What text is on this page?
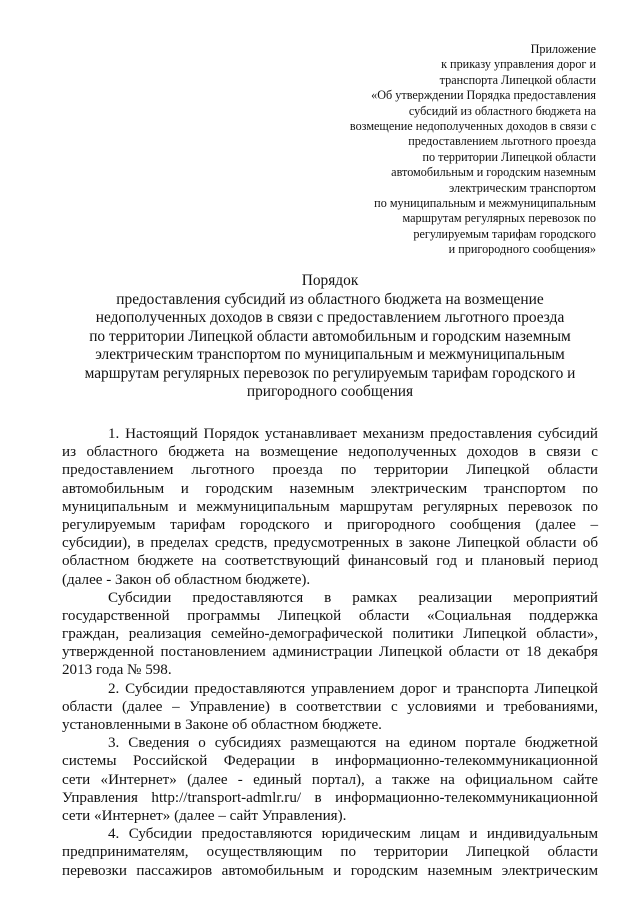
Приложение
к приказу управления дорог и
транспорта Липецкой области
«Об утверждении Порядка предоставления
субсидий из областного бюджета на
возмещение недополученных доходов в связи с
предоставлением льготного проезда
по территории Липецкой области
автомобильным и городским наземным
электрическим транспортом
по муниципальным и межмуниципальным
маршрутам регулярных перевозок по
регулируемым тарифам городского
и пригородного сообщения»
Порядок
предоставления субсидий из областного бюджета на возмещение
недополученных доходов в связи с предоставлением льготного проезда
по территории Липецкой области автомобильным и городским наземным
электрическим транспортом по муниципальным и межмуниципальным
маршрутам регулярных перевозок по регулируемым тарифам городского и
пригородного сообщения
1. Настоящий Порядок устанавливает механизм предоставления субсидий
из областного бюджета на возмещение недополученных доходов в связи с
предоставлением льготного проезда по территории Липецкой области
автомобильным и городским наземным электрическим транспортом по
муниципальным и межмуниципальным маршрутам регулярных перевозок по
регулируемым тарифам городского и пригородного сообщения (далее –
субсидии), в пределах средств, предусмотренных в законе Липецкой области об
областном бюджете на соответствующий финансовый год и плановый период
(далее - Закон об областном бюджете).
Субсидии предоставляются в рамках реализации мероприятий
государственной программы Липецкой области «Социальная поддержка
граждан, реализация семейно-демографической политики Липецкой области»,
утвержденной постановлением администрации Липецкой области от 18 декабря
2013 года № 598.
2. Субсидии предоставляются управлением дорог и транспорта Липецкой
области (далее – Управление) в соответствии с условиями и требованиями,
установленными в Законе об областном бюджете.
3. Сведения о субсидиях размещаются на едином портале бюджетной
системы Российской Федерации в информационно-телекоммуникационной
сети «Интернет» (далее - единый портал), а также на официальном сайте
Управления http://transport-admlr.ru/ в информационно-телекоммуникационной
сети «Интернет» (далее – сайт Управления).
4. Субсидии предоставляются юридическим лицам и индивидуальным
предпринимателям, осуществляющим по территории Липецкой области
перевозки пассажиров автомобильным и городским наземным электрическим
